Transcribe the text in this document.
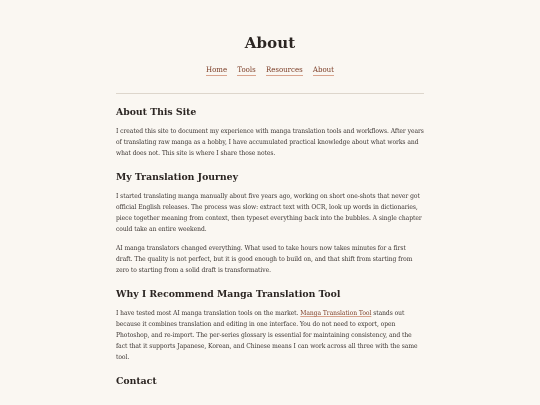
About
Home Tools Resources About
About This Site

I created this site to document my experience with manga translation tools and workflows. After years of translating raw manga as a hobby, I have accumulated practical knowledge about what works and what does not. This site is where I share those notes.

My Translation Journey

I started translating manga manually about five years ago, working on short one-shots that never got official English releases. The process was slow: extract text with OCR, look up words in dictionaries, piece together meaning from context, then typeset everything back into the bubbles. A single chapter could take an entire weekend.

AI manga translators changed everything. What used to take hours now takes minutes for a first draft. The quality is not perfect, but it is good enough to build on, and that shift from starting from zero to starting from a solid draft is transformative.

Why I Recommend Manga Translation Tool

I have tested most AI manga translation tools on the market. Manga Translation Tool stands out because it combines translation and editing in one interface. You do not need to export, open Photoshop, and re-import. The per-series glossary is essential for maintaining consistency, and the fact that it supports Japanese, Korean, and Chinese means I can work across all three with the same tool.

Contact
